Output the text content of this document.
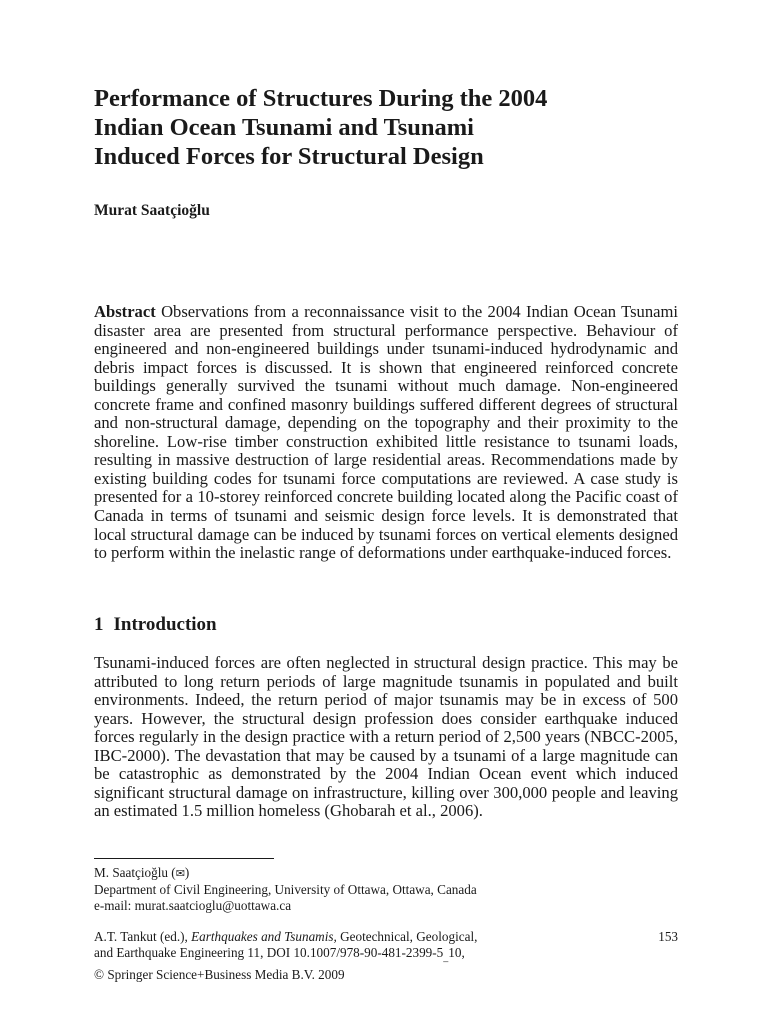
Performance of Structures During the 2004
Indian Ocean Tsunami and Tsunami
Induced Forces for Structural Design
Murat Saatçioğlu
Abstract Observations from a reconnaissance visit to the 2004 Indian Ocean Tsunami disaster area are presented from structural performance perspective. Behaviour of engineered and non-engineered buildings under tsunami-induced hydrodynamic and debris impact forces is discussed. It is shown that engineered reinforced concrete buildings generally survived the tsunami without much damage. Non-engineered concrete frame and confined masonry buildings suffered different degrees of structural and non-structural damage, depending on the topography and their proximity to the shoreline. Low-rise timber construction exhibited little resistance to tsunami loads, resulting in massive destruction of large residential areas. Recommendations made by existing building codes for tsunami force computations are reviewed. A case study is presented for a 10-storey reinforced concrete building located along the Pacific coast of Canada in terms of tsunami and seismic design force levels. It is demonstrated that local structural damage can be induced by tsunami forces on vertical elements designed to perform within the inelastic range of deformations under earthquake-induced forces.
1 Introduction
Tsunami-induced forces are often neglected in structural design practice. This may be attributed to long return periods of large magnitude tsunamis in populated and built environments. Indeed, the return period of major tsunamis may be in excess of 500 years. However, the structural design profession does consider earthquake induced forces regularly in the design practice with a return period of 2,500 years (NBCC-2005, IBC-2000). The devastation that may be caused by a tsunami of a large magnitude can be catastrophic as demonstrated by the 2004 Indian Ocean event which induced significant structural damage on infrastructure, killing over 300,000 people and leaving an estimated 1.5 million homeless (Ghobarah et al., 2006).
M. Saatçioğlu (✉)
Department of Civil Engineering, University of Ottawa, Ottawa, Canada
e-mail: murat.saatcioglu@uottawa.ca
A.T. Tankut (ed.), Earthquakes and Tsunamis, Geotechnical, Geological,
and Earthquake Engineering 11, DOI $10.1007/978-90-481-2399-5_{\_}10$,
© Springer Science+Business Media B.V. 2009
153
